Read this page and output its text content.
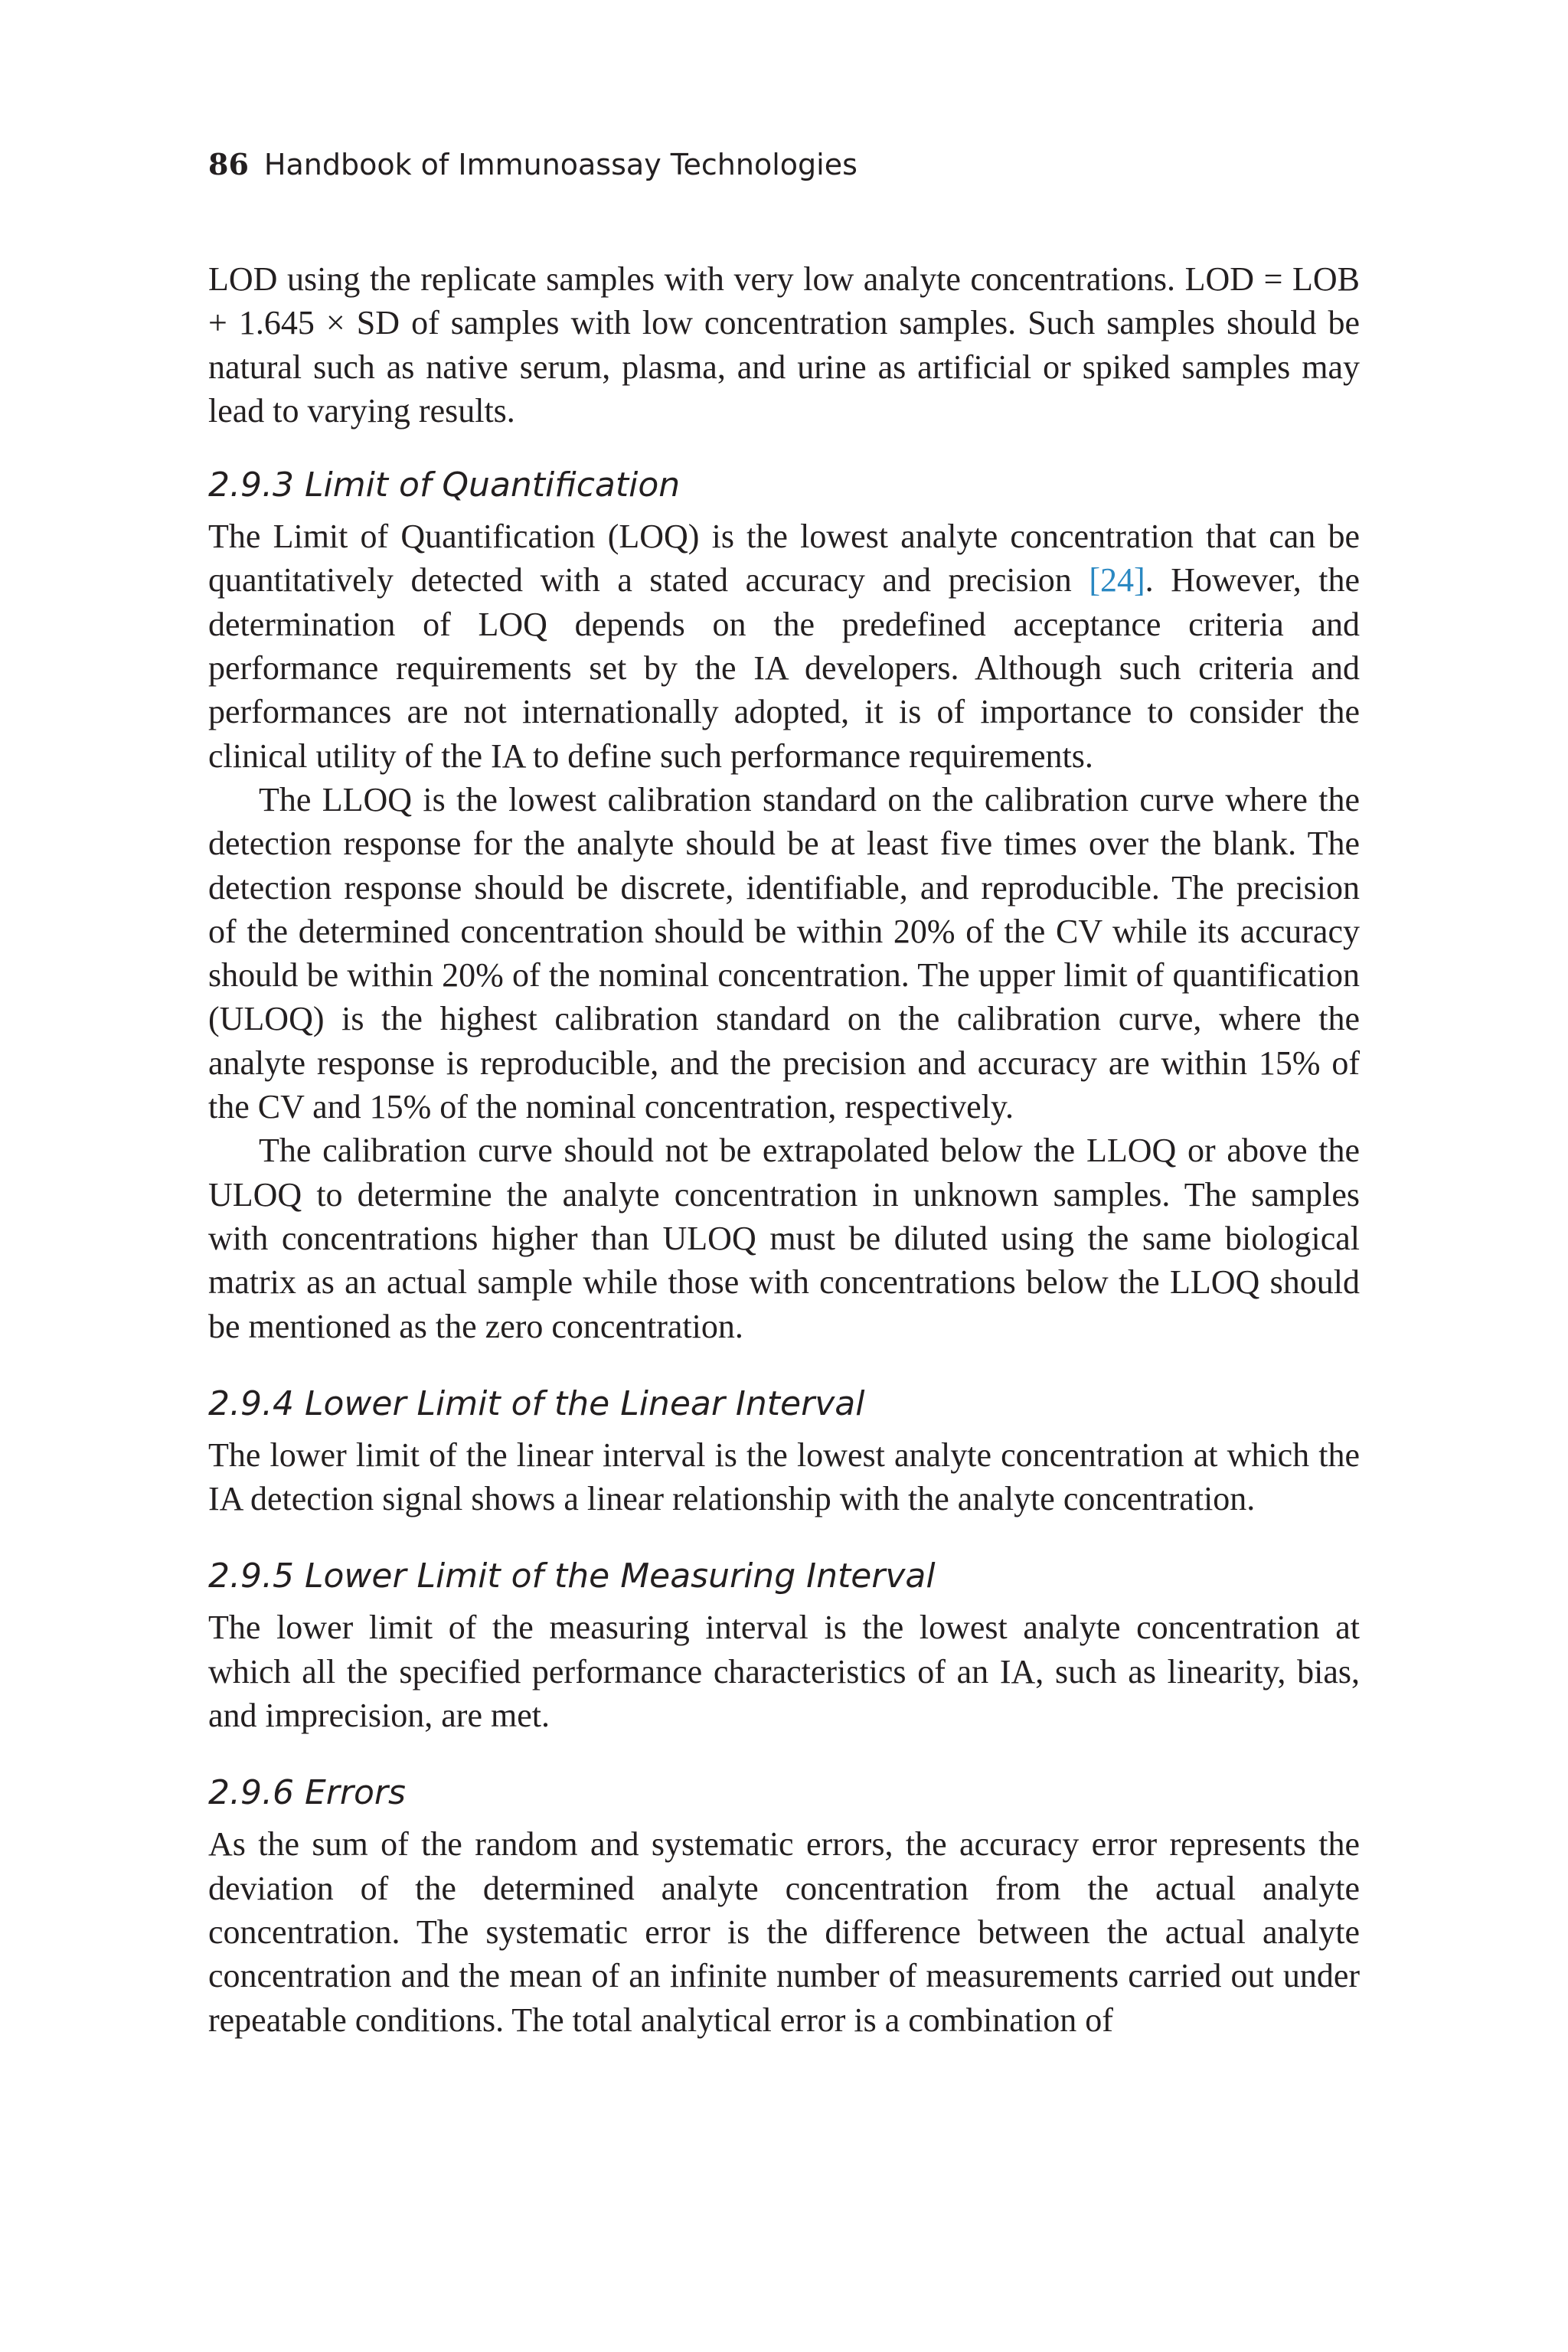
86 Handbook of Immunoassay Technologies

LOD using the replicate samples with very low analyte concentrations. LOD = LOB + 1.645 × SD of samples with low concentration samples. Such samples should be natural such as native serum, plasma, and urine as artificial or spiked samples may lead to varying results.

2.9.3 Limit of Quantification

The Limit of Quantification (LOQ) is the lowest analyte concentration that can be quantitatively detected with a stated accuracy and precision [24]. However, the determination of LOQ depends on the predefined acceptance criteria and performance requirements set by the IA developers. Although such criteria and performances are not internationally adopted, it is of importance to consider the clinical utility of the IA to define such performance requirements.

The LLOQ is the lowest calibration standard on the calibration curve where the detection response for the analyte should be at least five times over the blank. The detection response should be discrete, identifiable, and reproducible. The precision of the determined concentration should be within 20% of the CV while its accuracy should be within 20% of the nominal concentration. The upper limit of quantification (ULOQ) is the highest calibration standard on the calibration curve, where the analyte response is reproducible, and the precision and accuracy are within 15% of the CV and 15% of the nominal concentration, respectively.

The calibration curve should not be extrapolated below the LLOQ or above the ULOQ to determine the analyte concentration in unknown samples. The samples with concentrations higher than ULOQ must be diluted using the same biological matrix as an actual sample while those with concentrations below the LLOQ should be mentioned as the zero concentration.

2.9.4 Lower Limit of the Linear Interval

The lower limit of the linear interval is the lowest analyte concentration at which the IA detection signal shows a linear relationship with the analyte concentration.

2.9.5 Lower Limit of the Measuring Interval

The lower limit of the measuring interval is the lowest analyte concentration at which all the specified performance characteristics of an IA, such as linearity, bias, and imprecision, are met.

2.9.6 Errors

As the sum of the random and systematic errors, the accuracy error represents the deviation of the determined analyte concentration from the actual analyte concentration. The systematic error is the difference between the actual analyte concentration and the mean of an infinite number of measurements carried out under repeatable conditions. The total analytical error is a combination of
